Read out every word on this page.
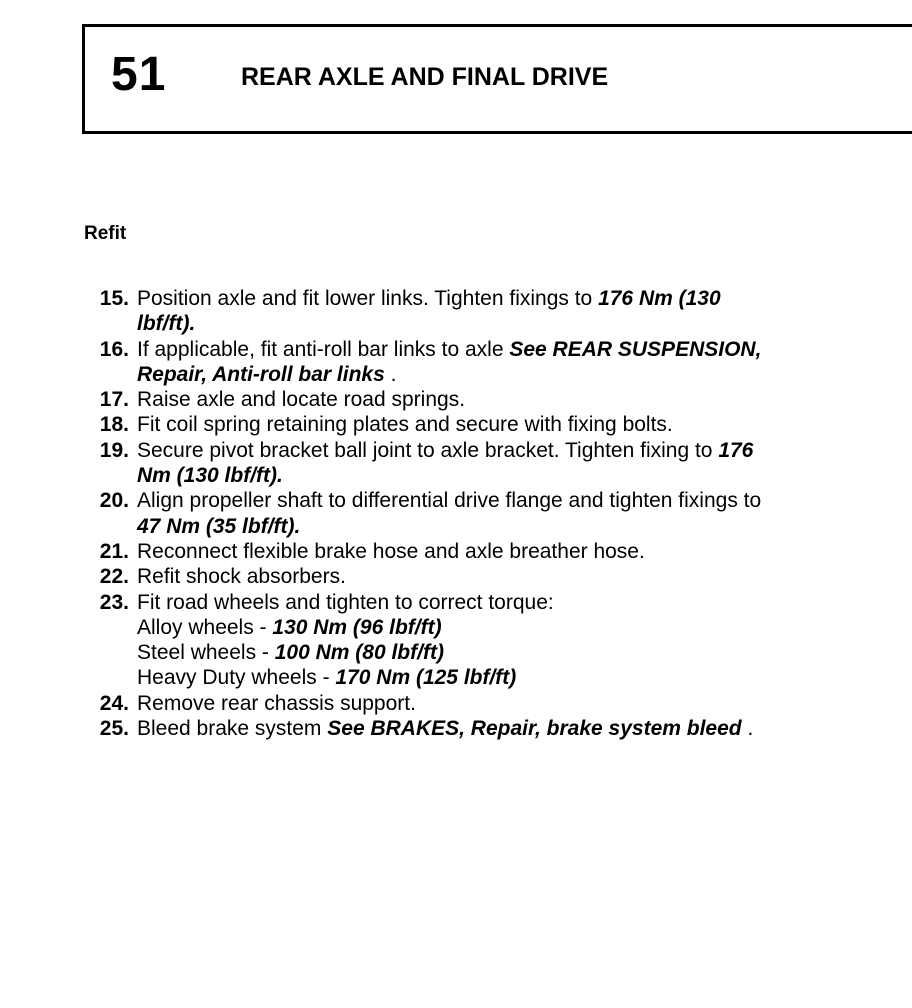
51	REAR AXLE AND FINAL DRIVE
Refit
15. Position axle and fit lower links. Tighten fixings to 176 Nm (130 lbf/ft).
16. If applicable, fit anti-roll bar links to axle See REAR SUSPENSION, Repair, Anti-roll bar links .
17. Raise axle and locate road springs.
18. Fit coil spring retaining plates and secure with fixing bolts.
19. Secure pivot bracket ball joint to axle bracket. Tighten fixing to 176 Nm (130 lbf/ft).
20. Align propeller shaft to differential drive flange and tighten fixings to 47 Nm (35 lbf/ft).
21. Reconnect flexible brake hose and axle breather hose.
22. Refit shock absorbers.
23. Fit road wheels and tighten to correct torque:
Alloy wheels - 130 Nm (96 lbf/ft)
Steel wheels - 100 Nm (80 lbf/ft)
Heavy Duty wheels - 170 Nm (125 lbf/ft)
24. Remove rear chassis support.
25. Bleed brake system See BRAKES, Repair, brake system bleed .
